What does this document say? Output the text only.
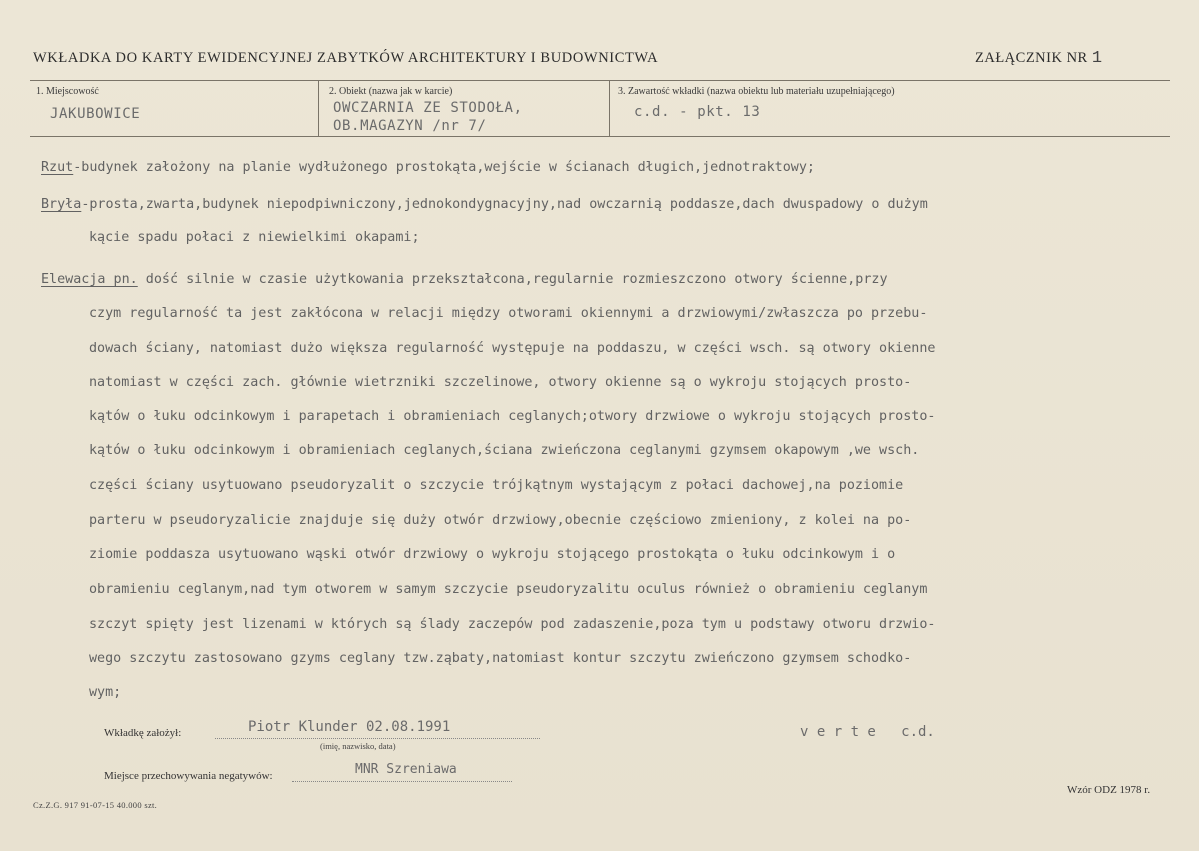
WKŁADKA DO KARTY EWIDENCYJNEJ ZABYTKÓW ARCHITEKTURY I BUDOWNICTWA	ZAŁĄCZNIK NR 1
1. Miejscowość
JAKUBOWICE
2. Obiekt (nazwa jak w karcie)
OWCZARNIA ZE STODOŁA,
OB.MAGAZYN /nr 7/
3. Zawartość wkładki (nazwa obiektu lub materiału uzupełniającego)
c.d. - pkt. 13

Rzut-budynek założony na planie wydłużonego prostokąta,wejście w ścianach długich,jednotraktowy;

Bryła-prosta,zwarta,budynek niepodpiwniczony,jednokondygnacyjny,nad owczarnią poddasze,dach dwuspadowy o dużym

kącie spadu połaci z niewielkimi okapami;

Elewacja pn. dość silnie w czasie użytkowania przekształcona,regularnie rozmieszczono otwory ścienne,przy

czym regularność ta jest zakłócona w relacji między otworami okiennymi a drzwiowymi/zwłaszcza po przebu-

dowach ściany, natomiast dużo większa regularność występuje na poddaszu, w części wsch. są otwory okienne

natomiast w części zach. głównie wietrzniki szczelinowe, otwory okienne są o wykroju stojących prosto-

kątów o łuku odcinkowym i parapetach i obramieniach ceglanych;otwory drzwiowe o wykroju stojących prosto-

kątów o łuku odcinkowym i obramieniach ceglanych,ściana zwieńczona ceglanymi gzymsem okapowym ,we wsch.

części ściany usytuowano pseudoryzalit o szczycie trójkątnym wystającym z połaci dachowej,na poziomie

parteru w pseudoryzalicie znajduje się duży otwór drzwiowy,obecnie częściowo zmieniony, z kolei na po-

ziomie poddasza usytuowano wąski otwór drzwiowy o wykroju stojącego prostokąta o łuku odcinkowym i o

obramieniu ceglanym,nad tym otworem w samym szczycie pseudoryzalitu oculus również o obramieniu ceglanym

szczyt spięty jest lizenami w których są ślady zaczepów pod zadaszenie,poza tym u podstawy otworu drzwio-

wego szczytu zastosowano gzyms ceglany tzw.ząbaty,natomiast kontur szczytu zwieńczono gzymsem schodko-

wym;

Wkładkę założył:	Piotr Klunder 02.08.1991
(imię, nazwisko, data)
v e r t e   c.d.
Miejsce przechowywania negatywów:	MNR Szreniawa
Cz.Z.G. 917 91-07-15 40.000 szt.
Wzór ODZ 1978 r.
